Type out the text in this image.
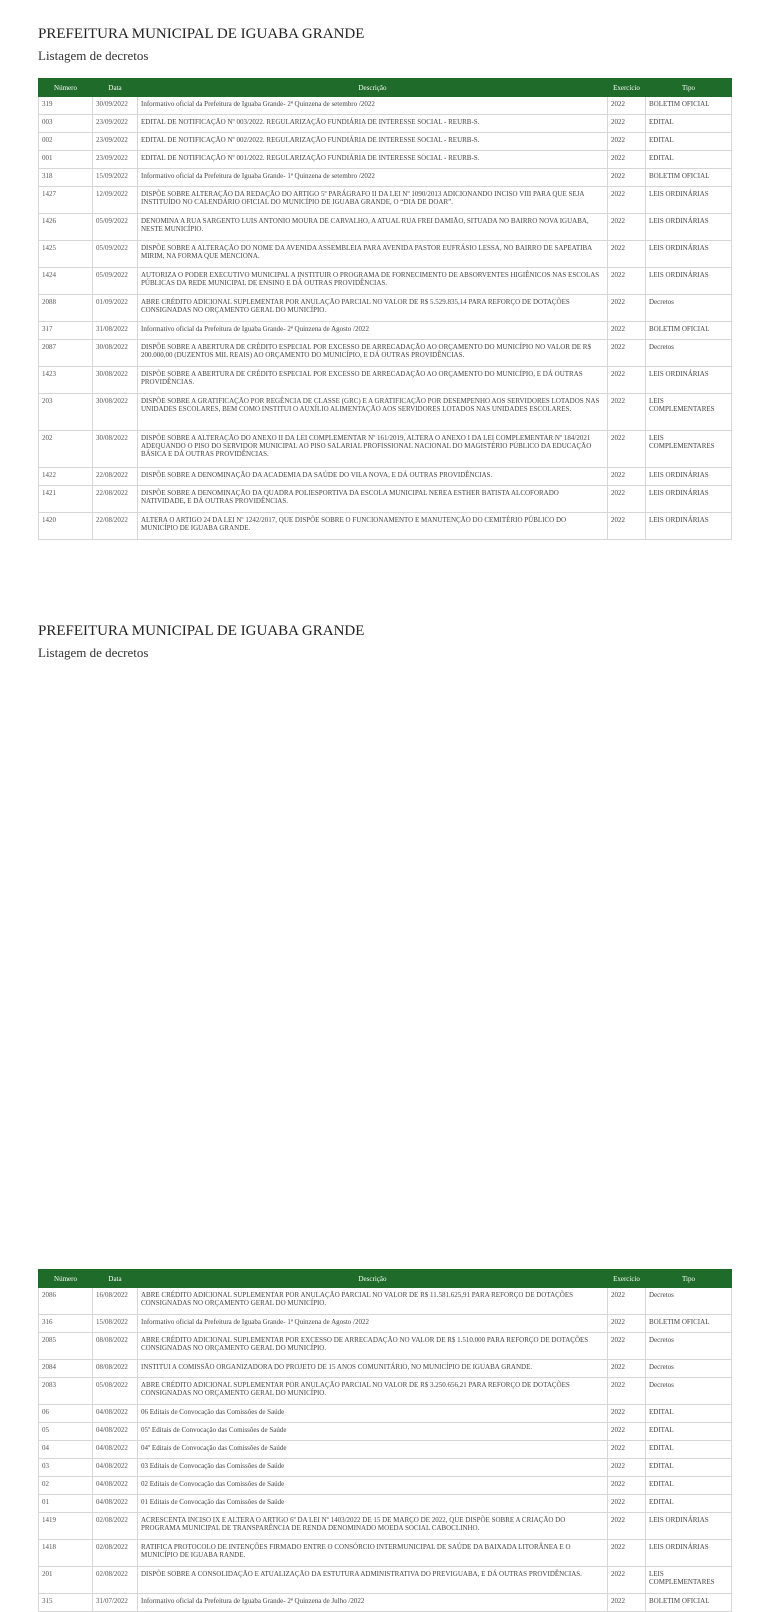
PREFEITURA MUNICIPAL DE IGUABA GRANDE
Listagem de decretos
Número	Data	Descrição	Exercício	Tipo
319	30/09/2022	Informativo oficial da Prefeitura de Iguaba Grande- 2ª Quinzena de setembro /2022	2022	BOLETIM OFICIAL
003	23/09/2022	EDITAL DE NOTIFICAÇÃO Nº 003/2022. REGULARIZAÇÃO FUNDIÁRIA DE INTERESSE SOCIAL - REURB-S.	2022	EDITAL
002	23/09/2022	EDITAL DE NOTIFICAÇÃO Nº 002/2022. REGULARIZAÇÃO FUNDIÁRIA DE INTERESSE SOCIAL - REURB-S.	2022	EDITAL
001	23/09/2022	EDITAL DE NOTIFICAÇÃO Nº 001/2022. REGULARIZAÇÃO FUNDIÁRIA DE INTERESSE SOCIAL - REURB-S.	2022	EDITAL
318	15/09/2022	Informativo oficial da Prefeitura de Iguaba Grande- 1ª Quinzena de setembro /2022	2022	BOLETIM OFICIAL
1427	12/09/2022	DISPÕE SOBRE ALTERAÇÃO DA REDAÇÃO DO ARTIGO 5º PARÁGRAFO II DA LEI Nº 1090/2013 ADICIONANDO INCISO VIII PARA QUE SEJA INSTITUÍDO NO CALENDÁRIO OFICIAL DO MUNICÍPIO DE IGUABA GRANDE, O “DIA DE DOAR”.	2022	LEIS ORDINÁRIAS
1426	05/09/2022	DENOMINA A RUA SARGENTO LUIS ANTONIO MOURA DE CARVALHO, A ATUAL RUA FREI DAMIÃO, SITUADA NO BAIRRO NOVA IGUABA, NESTE MUNICÍPIO.	2022	LEIS ORDINÁRIAS
1425	05/09/2022	DISPÕE SOBRE A ALTERAÇÃO DO NOME DA AVENIDA ASSEMBLEIA PARA AVENIDA PASTOR EUFRÁSIO LESSA, NO BAIRRO DE SAPEATIBA MIRIM, NA FORMA QUE MENCIONA.	2022	LEIS ORDINÁRIAS
1424	05/09/2022	AUTORIZA O PODER EXECUTIVO MUNICIPAL A INSTITUIR O PROGRAMA DE FORNECIMENTO DE ABSORVENTES HIGIÊNICOS NAS ESCOLAS PÚBLICAS DA REDE MUNICIPAL DE ENSINO E DÁ OUTRAS PROVIDÊNCIAS.	2022	LEIS ORDINÁRIAS
2088	01/09/2022	ABRE CRÉDITO ADICIONAL SUPLEMENTAR POR ANULAÇÃO PARCIAL NO VALOR DE R$ 5.529.835,14 PARA REFORÇO DE DOTAÇÕES CONSIGNADAS NO ORÇAMENTO GERAL DO MUNICÍPIO.	2022	Decretos
317	31/08/2022	Informativo oficial da Prefeitura de Iguaba Grande- 2ª Quinzena de Agosto /2022	2022	BOLETIM OFICIAL
2087	30/08/2022	DISPÕE SOBRE A ABERTURA DE CRÉDITO ESPECIAL POR EXCESSO DE ARRECADAÇÃO AO ORÇAMENTO DO MUNICÍPIO NO VALOR DE R$ 200.000,00 (DUZENTOS MIL REAIS) AO ORÇAMENTO DO MUNICÍPIO, E DÁ OUTRAS PROVIDÊNCIAS.	2022	Decretos
1423	30/08/2022	DISPÕE SOBRE A ABERTURA DE CRÉDITO ESPECIAL POR EXCESSO DE ARRECADAÇÃO AO ORÇAMENTO DO MUNICÍPIO, E DÁ OUTRAS PROVIDÊNCIAS.	2022	LEIS ORDINÁRIAS
203	30/08/2022	DISPÕE SOBRE A GRATIFICAÇÃO POR REGÊNCIA DE CLASSE (GRC) E A GRATIFICAÇÃO POR DESEMPENHO AOS SERVIDORES LOTADOS NAS UNIDADES ESCOLARES, BEM COMO INSTITUI O AUXÍLIO ALIMENTAÇÃO AOS SERVIDORES LOTADOS NAS UNIDADES ESCOLARES.	2022	LEIS COMPLEMENTARES
202	30/08/2022	DISPÕE SOBRE A ALTERAÇÃO DO ANEXO II DA LEI COMPLEMENTAR Nº 161/2019, ALTERA O ANEXO I DA LEI COMPLEMENTAR Nº 184/2021 ADEQUANDO O PISO DO SERVIDOR MUNICIPAL AO PISO SALARIAL PROFISSIONAL NACIONAL DO MAGISTÉRIO PÚBLICO DA EDUCAÇÃO BÁSICA E DÁ OUTRAS PROVIDÊNCIAS.	2022	LEIS COMPLEMENTARES
1422	22/08/2022	DISPÕE SOBRE A DENOMINAÇÃO DA ACADEMIA DA SAÚDE DO VILA NOVA, E DÁ OUTRAS PROVIDÊNCIAS.	2022	LEIS ORDINÁRIAS
1421	22/08/2022	DISPÕE SOBRE A DENOMINAÇÃO DA QUADRA POLIESPORTIVA DA ESCOLA MUNICIPAL NEREA ESTHER BATISTA ALCOFORADO NATIVIDADE, E DÁ OUTRAS PROVIDÊNCIAS.	2022	LEIS ORDINÁRIAS
1420	22/08/2022	ALTERA O ARTIGO 24 DA LEI Nº 1242/2017, QUE DISPÕE SOBRE O FUNCIONAMENTO E MANUTENÇÃO DO CEMITÉRIO PÚBLICO DO MUNICÍPIO DE IGUABA GRANDE.	2022	LEIS ORDINÁRIAS
PREFEITURA MUNICIPAL DE IGUABA GRANDE
Listagem de decretos
Número	Data	Descrição	Exercício	Tipo
2086	16/08/2022	ABRE CRÉDITO ADICIONAL SUPLEMENTAR POR ANULAÇÃO PARCIAL NO VALOR DE R$ 11.581.625,91 PARA REFORÇO DE DOTAÇÕES CONSIGNADAS NO ORÇAMENTO GERAL DO MUNICÍPIO.	2022	Decretos
316	15/08/2022	Informativo oficial da Prefeitura de Iguaba Grande- 1ª Quinzena de Agosto /2022	2022	BOLETIM OFICIAL
2085	08/08/2022	ABRE CRÉDITO ADICIONAL SUPLEMENTAR POR EXCESSO DE ARRECADAÇÃO NO VALOR DE R$ 1.510.000 PARA REFORÇO DE DOTAÇÕES CONSIGNADAS NO ORÇAMENTO GERAL DO MUNICÍPIO.	2022	Decretos
2084	08/08/2022	INSTITUI A COMISSÃO ORGANIZADORA DO PROJETO DE 15 ANOS COMUNITÁRIO, NO MUNICÍPIO DE IGUABA GRANDE.	2022	Decretos
2083	05/08/2022	ABRE CRÉDITO ADICIONAL SUPLEMENTAR POR ANULAÇÃO PARCIAL NO VALOR DE R$ 3.250.656,21 PARA REFORÇO DE DOTAÇÕES CONSIGNADAS NO ORÇAMENTO GERAL DO MUNICÍPIO.	2022	Decretos
06	04/08/2022	06 Editais de Convocação das Comissões de Saúde	2022	EDITAL
05	04/08/2022	05º Editais de Convocação das Comissões de Saúde	2022	EDITAL
04	04/08/2022	04º Editais de Convocação das Comissões de Saúde	2022	EDITAL
03	04/08/2022	03 Editais de Convocação das Comissões de Saúde	2022	EDITAL
02	04/08/2022	02 Editais de Convocação das Comissões de Saúde	2022	EDITAL
01	04/08/2022	01 Editais de Convocação das Comissões de Saúde	2022	EDITAL
1419	02/08/2022	ACRESCENTA INCISO IX E ALTERA O ARTIGO 6º DA LEI Nº 1403/2022 DE 15 DE MARÇO DE 2022, QUE DISPÕE SOBRE A CRIAÇÃO DO PROGRAMA MUNICIPAL DE TRANSPARÊNCIA DE RENDA DENOMINADO MOEDA SOCIAL CABOCLINHO.	2022	LEIS ORDINÁRIAS
1418	02/08/2022	RATIFICA PROTOCOLO DE INTENÇÕES FIRMADO ENTRE O CONSÓRCIO INTERMUNICIPAL DE SAÚDE DA BAIXADA LITORÂNEA E O MUNICÍPIO DE IGUABA RANDE.	2022	LEIS ORDINÁRIAS
201	02/08/2022	DISPÕE SOBRE A CONSOLIDAÇÃO E ATUALIZAÇÃO DA ESTUTURA ADMINISTRATIVA DO PREVIGUABA, E DÁ OUTRAS PROVIDÊNCIAS.	2022	LEIS COMPLEMENTARES
315	31/07/2022	Informativo oficial da Prefeitura de Iguaba Grande- 2ª Quinzena de Julho /2022	2022	BOLETIM OFICIAL
